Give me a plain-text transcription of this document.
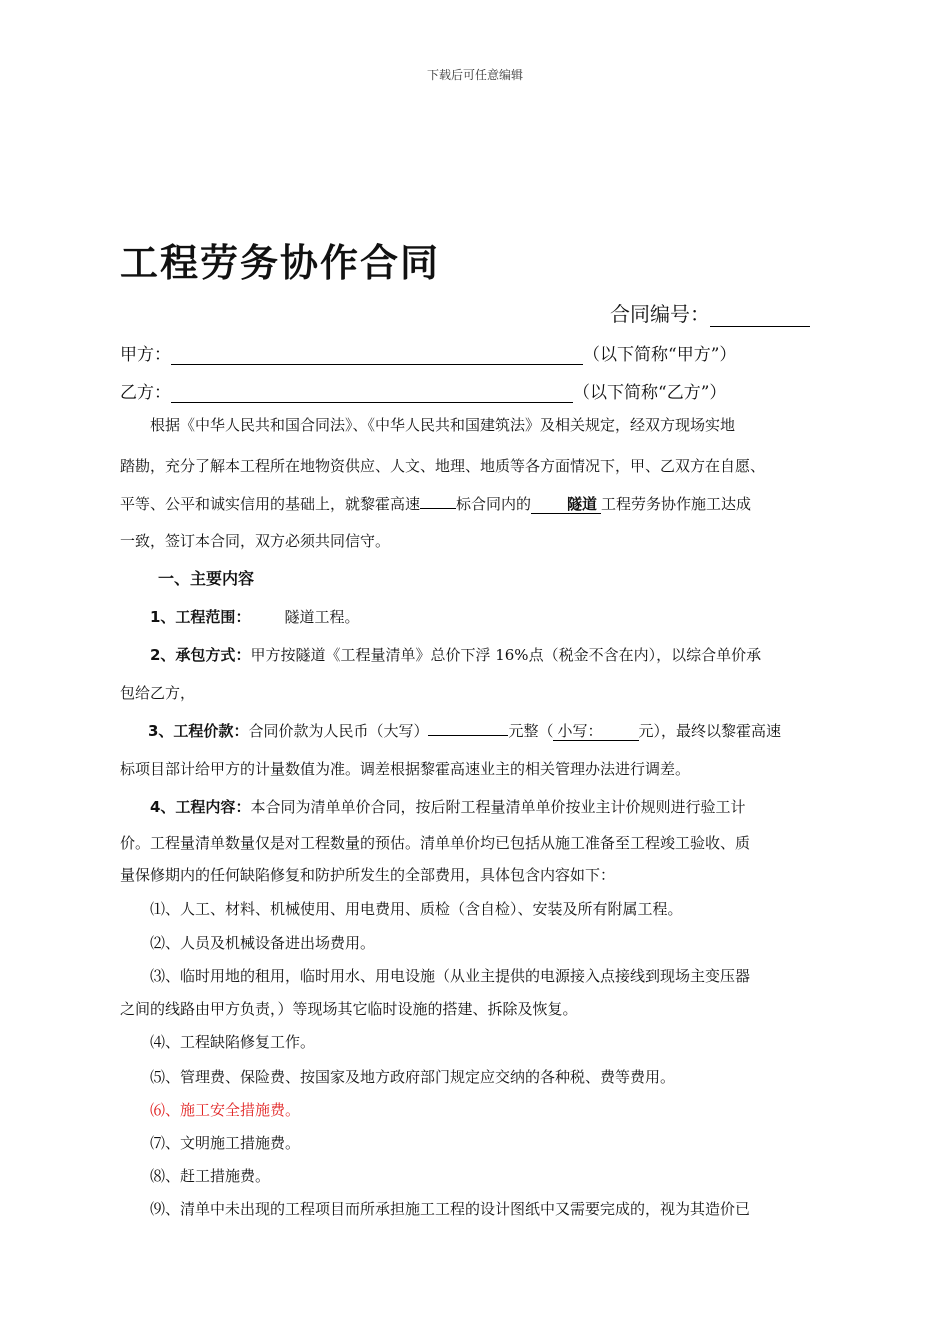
下载后可任意编辑
工程劳务协作合同
合同编号：
甲方：	（以下简称“甲方”）
乙方：	（以下简称“乙方”）
根据《中华人民共和国合同法》、《中华人民共和国建筑法》及相关规定，经双方现场实地
踏勘，充分了解本工程所在地物资供应、人文、地理、地质等各方面情况下，甲、乙双方在自愿、
平等、公平和诚实信用的基础上，就黎霍高速 标合同内的 隧道 工程劳务协作施工达成
一致，签订本合同，双方必须共同信守。
一、主要内容
1、工程范围： 隧道工程。
2、承包方式：甲方按隧道《工程量清单》总价下浮 16%点（税金不含在内），以综合单价承
包给乙方，
3、工程价款：合同价款为人民币（大写）	元整（ 小写： 元），最终以黎霍高速
标项目部计给甲方的计量数值为准。调差根据黎霍高速业主的相关管理办法进行调差。
4、工程内容：本合同为清单单价合同，按后附工程量清单单价按业主计价规则进行验工计
价。工程量清单数量仅是对工程数量的预估。清单单价均已包括从施工准备至工程竣工验收、质
量保修期内的任何缺陷修复和防护所发生的全部费用，具体包含内容如下：
⑴、人工、材料、机械使用、用电费用、质检（含自检）、安装及所有附属工程。
⑵、人员及机械设备进出场费用。
⑶、临时用地的租用，临时用水、用电设施（从业主提供的电源接入点接线到现场主变压器
之间的线路由甲方负责，）等现场其它临时设施的搭建、拆除及恢复。
⑷、工程缺陷修复工作。
⑸、管理费、保险费、按国家及地方政府部门规定应交纳的各种税、费等费用。
⑹、施工安全措施费。
⑺、文明施工措施费。
⑻、赶工措施费。
⑼、清单中未出现的工程项目而所承担施工工程的设计图纸中又需要完成的，视为其造价已
